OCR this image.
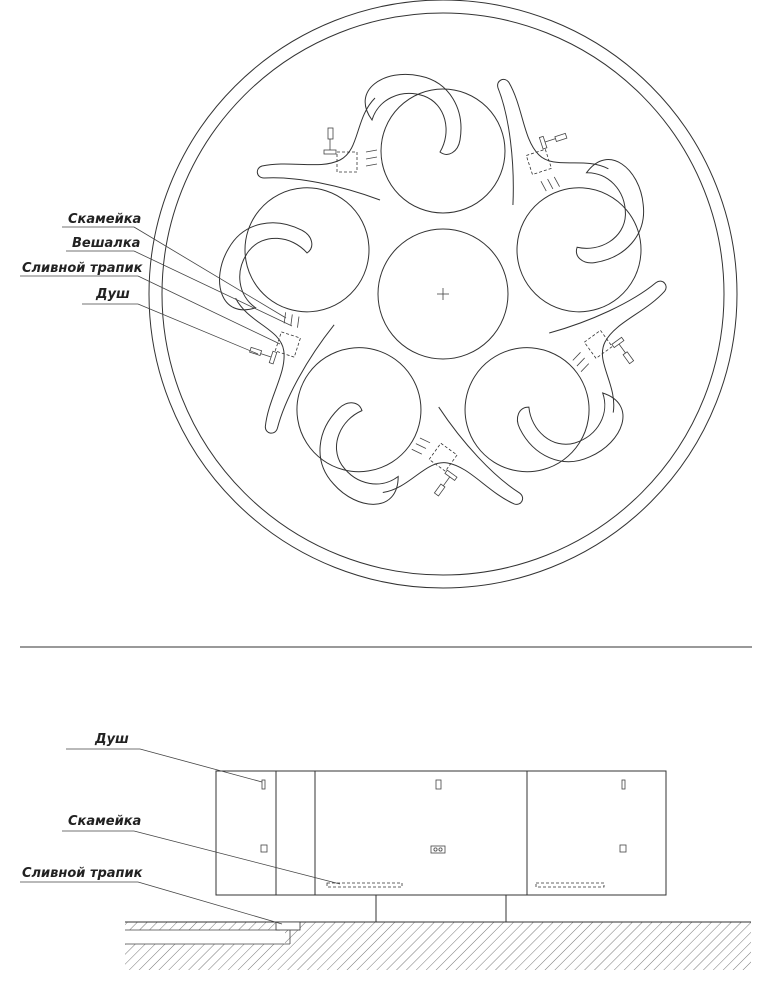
Скамейка
Вешалка
Сливной трапик
Душ
Душ
Скамейка
Сливной трапик
